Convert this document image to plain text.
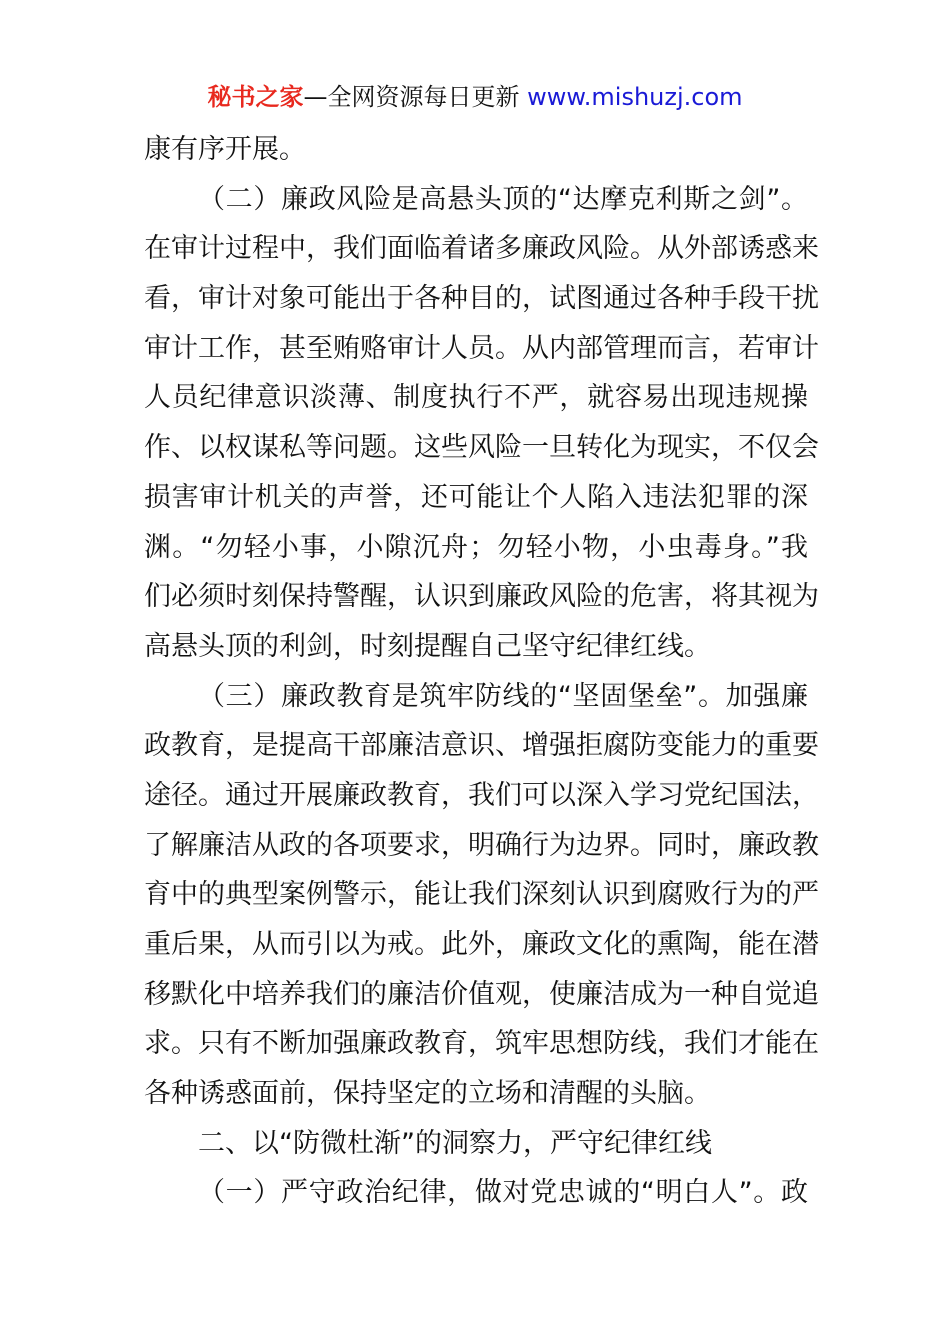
秘书之家—全网资源每日更新 www.mishuzj.com
康有序开展。
（二）廉政风险是高悬头顶的“达摩克利斯之剑”。
在审计过程中，我们面临着诸多廉政风险。从外部诱惑来
看，审计对象可能出于各种目的，试图通过各种手段干扰
审计工作，甚至贿赂审计人员。从内部管理而言，若审计
人员纪律意识淡薄、制度执行不严，就容易出现违规操
作、以权谋私等问题。这些风险一旦转化为现实，不仅会
损害审计机关的声誉，还可能让个人陷入违法犯罪的深
渊。“勿轻小事，小隙沉舟；勿轻小物，小虫毒身。”我
们必须时刻保持警醒，认识到廉政风险的危害，将其视为
高悬头顶的利剑，时刻提醒自己坚守纪律红线。
（三）廉政教育是筑牢防线的“坚固堡垒”。加强廉
政教育，是提高干部廉洁意识、增强拒腐防变能力的重要
途径。通过开展廉政教育，我们可以深入学习党纪国法，
了解廉洁从政的各项要求，明确行为边界。同时，廉政教
育中的典型案例警示，能让我们深刻认识到腐败行为的严
重后果，从而引以为戒。此外，廉政文化的熏陶，能在潜
移默化中培养我们的廉洁价值观，使廉洁成为一种自觉追
求。只有不断加强廉政教育，筑牢思想防线，我们才能在
各种诱惑面前，保持坚定的立场和清醒的头脑。
二、以“防微杜渐”的洞察力，严守纪律红线
（一）严守政治纪律，做对党忠诚的“明白人”。政
